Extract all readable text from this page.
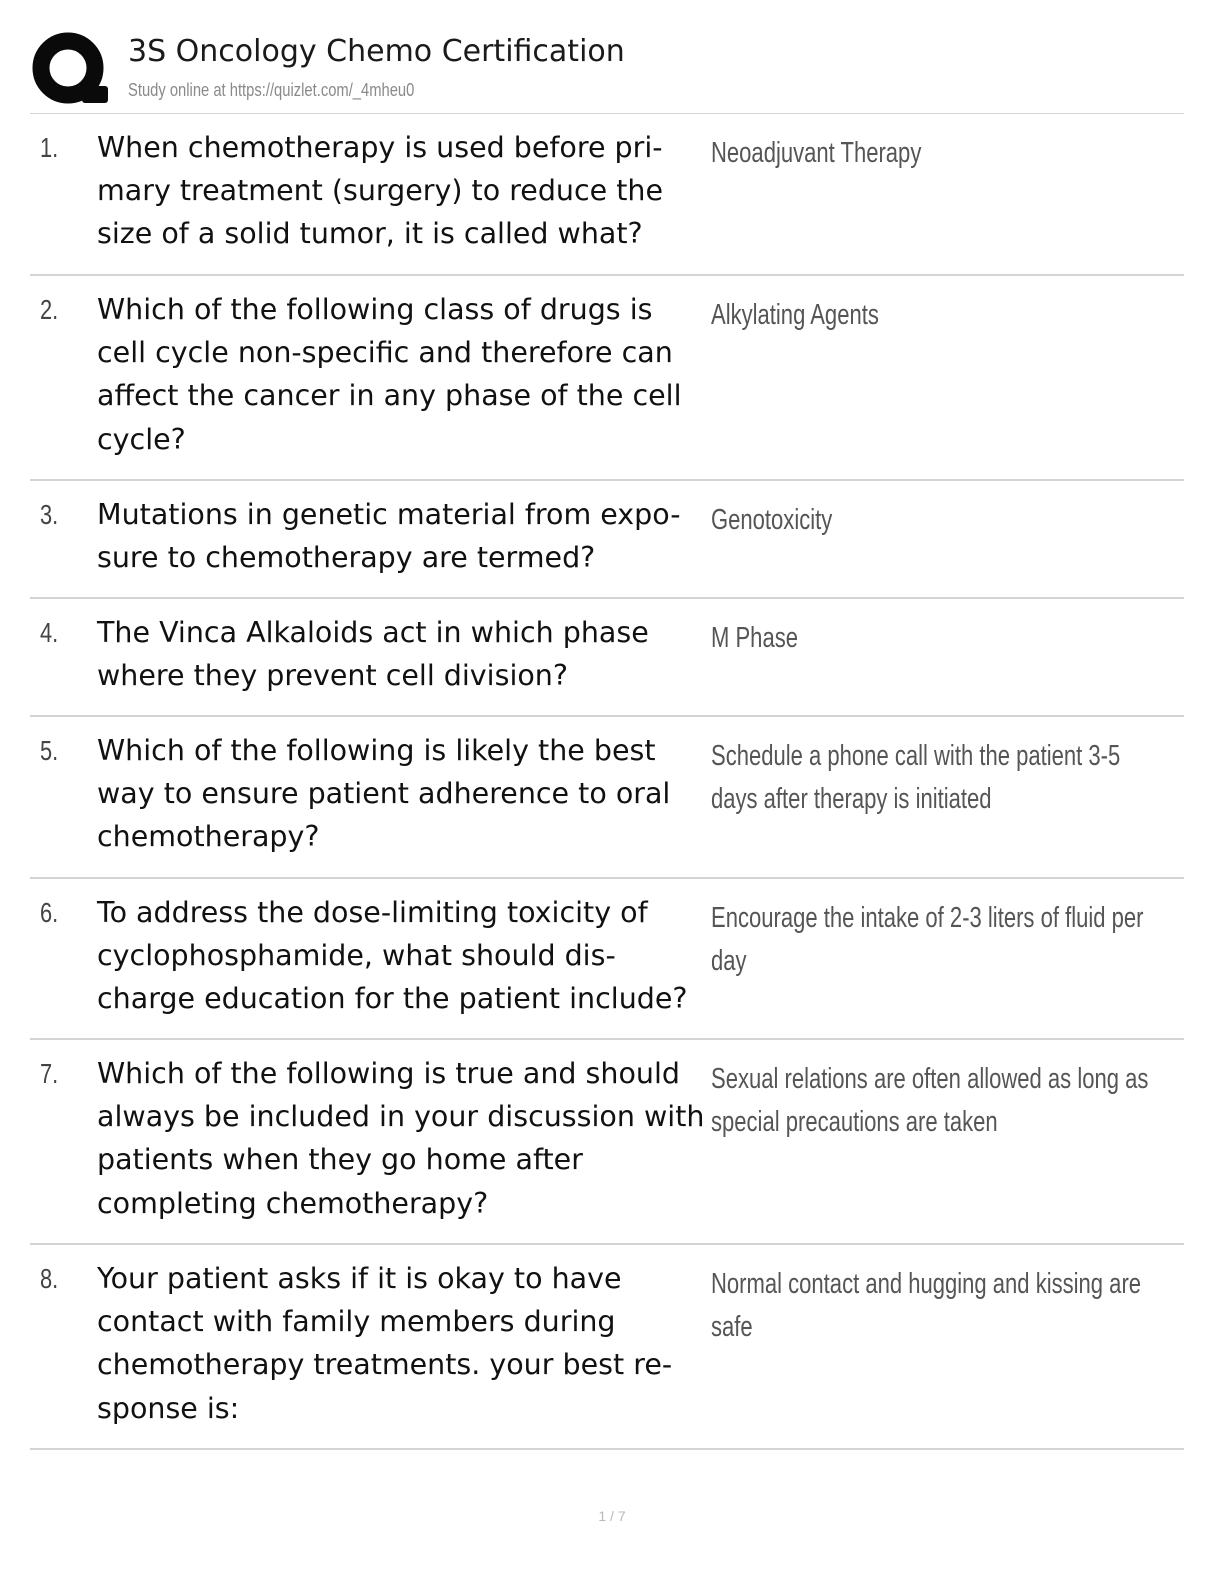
3S Oncology Chemo Certification
Study online at https://quizlet.com/_4mheu0
1. When chemotherapy is used before pri-mary treatment (surgery) to reduce the size of a solid tumor, it is called what?
Neoadjuvant Therapy
2. Which of the following class of drugs is cell cycle non-specific and therefore can affect the cancer in any phase of the cell cycle?
Alkylating Agents
3. Mutations in genetic material from expo-sure to chemotherapy are termed?
Genotoxicity
4. The Vinca Alkaloids act in which phase where they prevent cell division?
M Phase
5. Which of the following is likely the best way to ensure patient adherence to oral chemotherapy?
Schedule a phone call with the patient 3-5 days after therapy is initiated
6. To address the dose-limiting toxicity of cyclophosphamide, what should dis-charge education for the patient include?
Encourage the intake of 2-3 liters of fluid per day
7. Which of the following is true and should always be included in your discussion with patients when they go home after completing chemotherapy?
Sexual relations are often allowed as long as special precautions are taken
8. Your patient asks if it is okay to have contact with family members during chemotherapy treatments. your best re-sponse is:
Normal contact and hugging and kissing are safe
1 / 7
